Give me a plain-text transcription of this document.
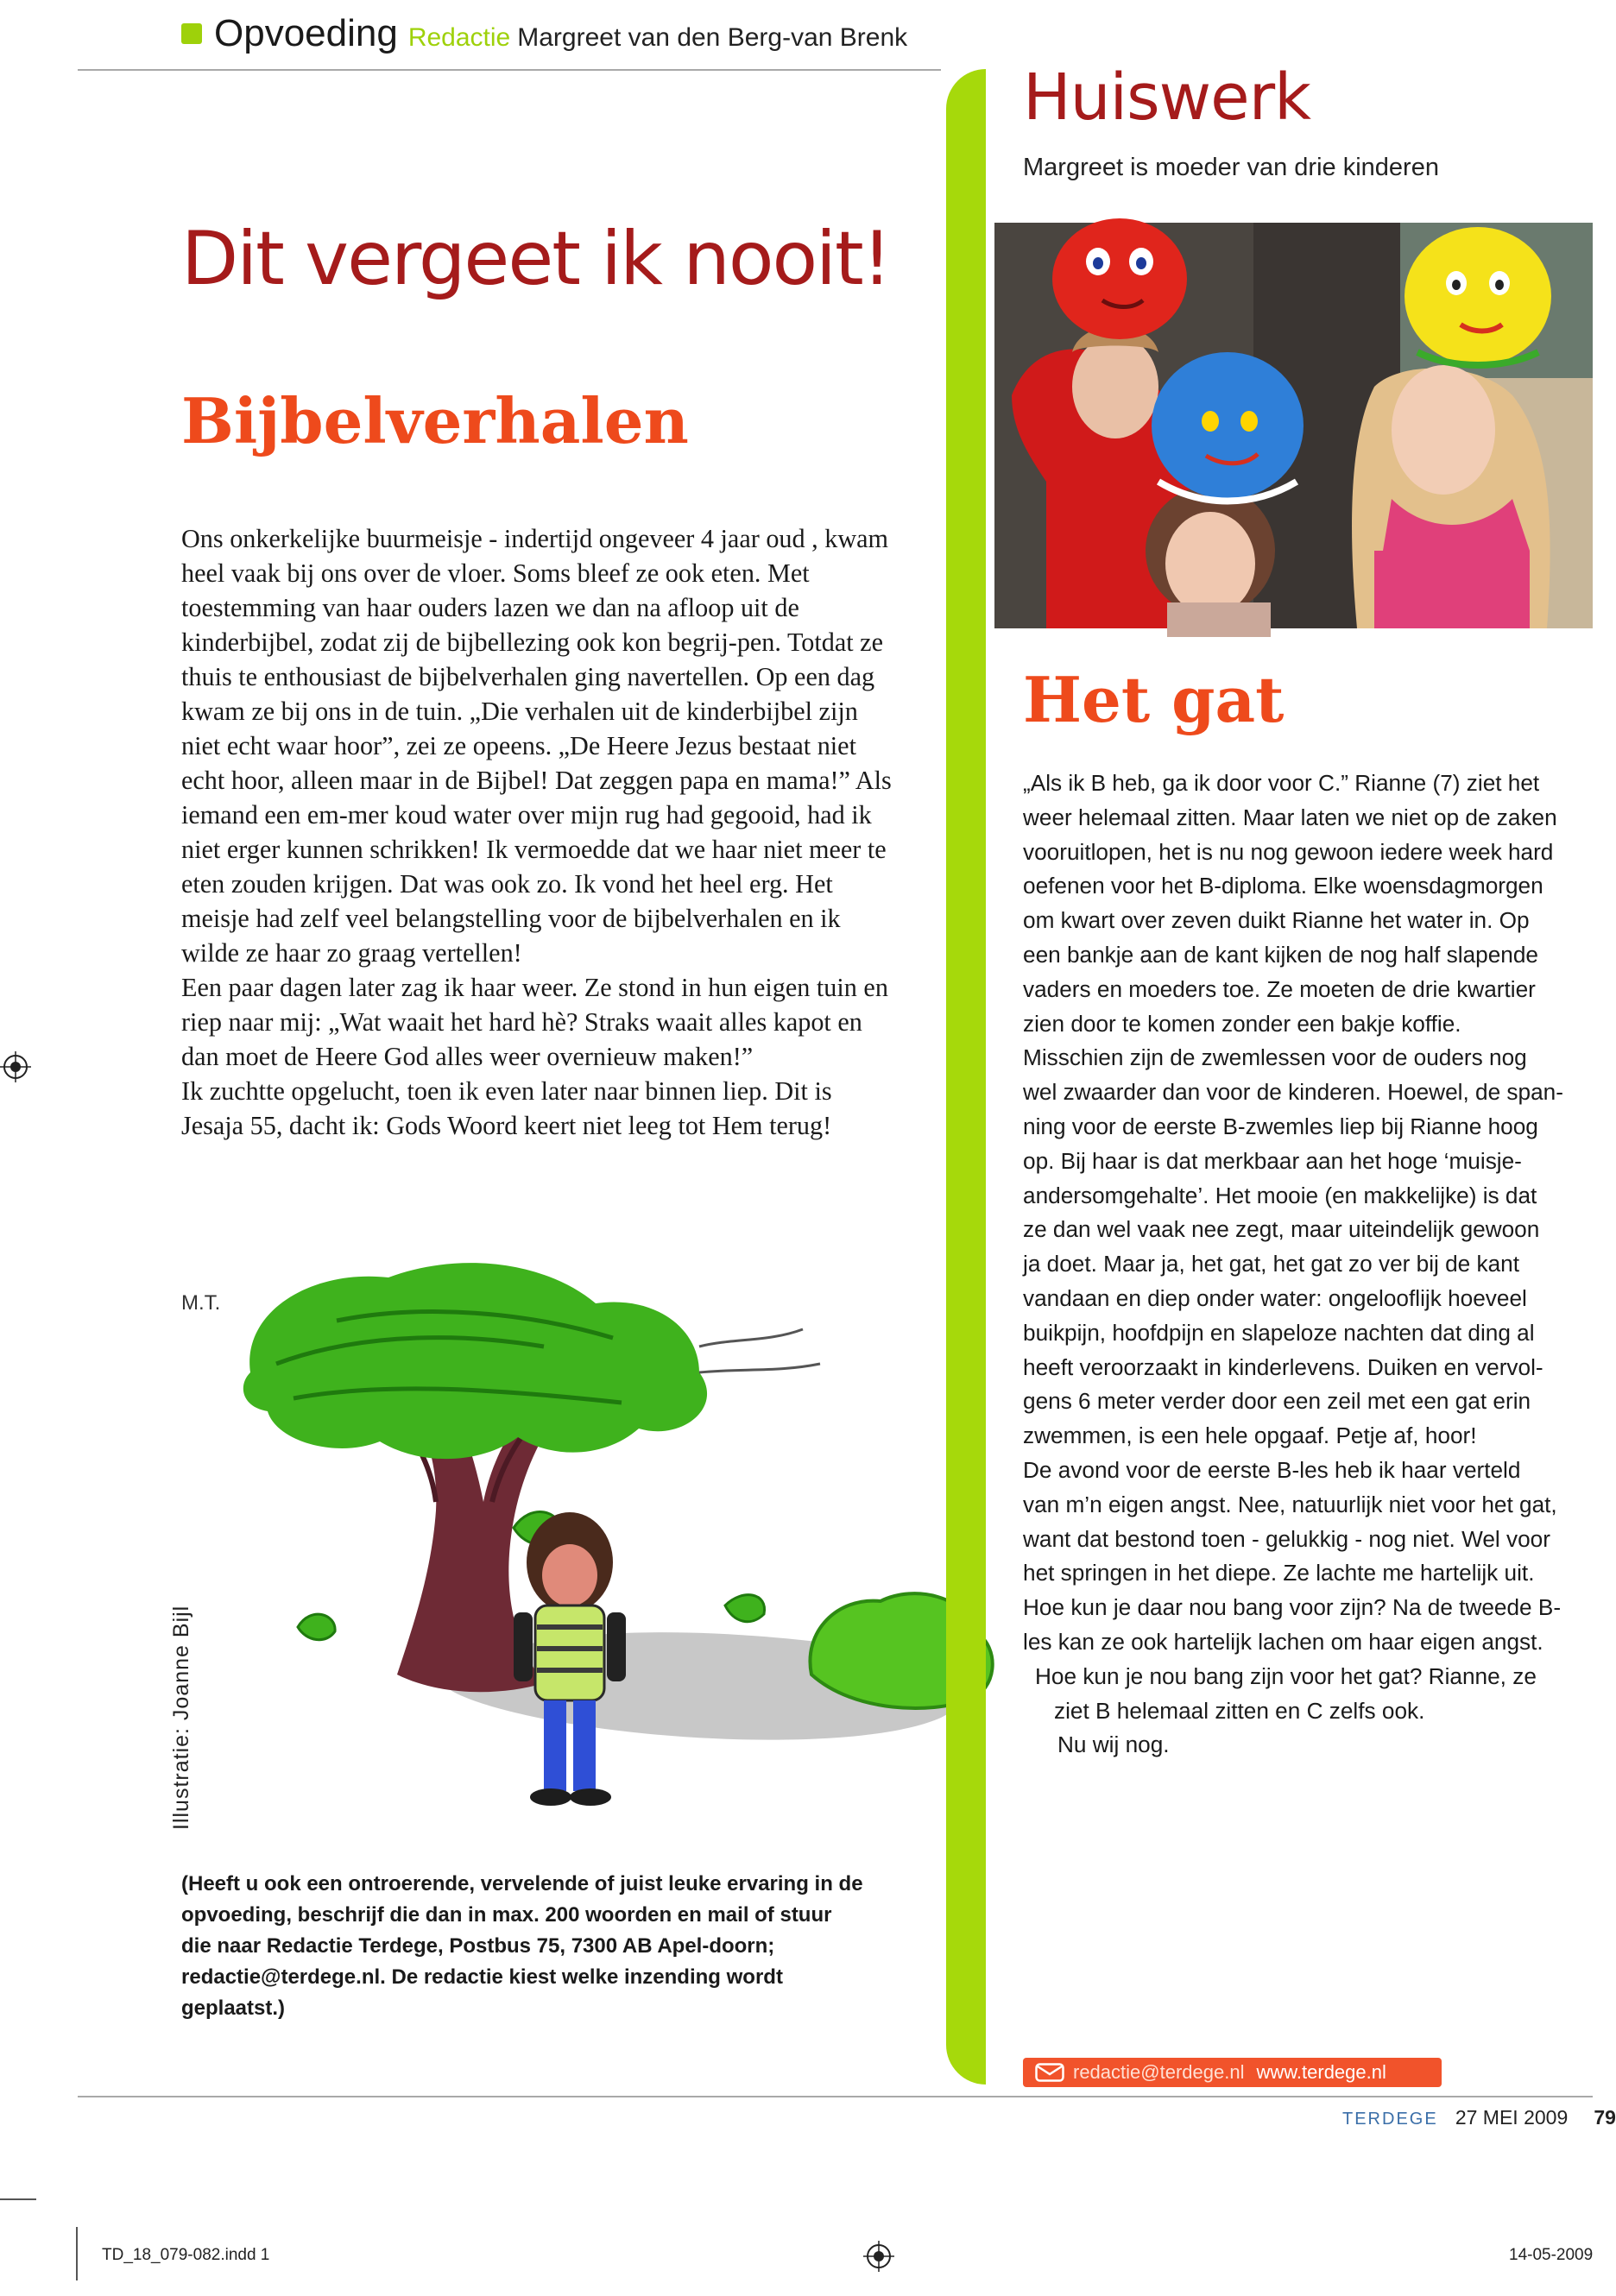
Opvoeding Redactie Margreet van den Berg-van Brenk
Dit vergeet ik nooit!
Bijbelverhalen

Ons onkerkelijke buurmeisje - indertijd ongeveer 4 jaar oud , kwam heel vaak bij ons over de vloer. Soms bleef ze ook eten. Met toestemming van haar ouders lazen we dan na afloop uit de kinderbijbel, zodat zij de bijbellezing ook kon begrij-pen. Totdat ze thuis te enthousiast de bijbelverhalen ging navertellen. Op een dag kwam ze bij ons in de tuin. „Die verhalen uit de kinderbijbel zijn niet echt waar hoor”, zei ze opeens. „De Heere Jezus bestaat niet echt hoor, alleen maar in de Bijbel! Dat zeggen papa en mama!” Als iemand een em-mer koud water over mijn rug had gegooid, had ik niet erger kunnen schrikken! Ik vermoedde dat we haar niet meer te eten zouden krijgen. Dat was ook zo. Ik vond het heel erg. Het meisje had zelf veel belangstelling voor de bijbelverhalen en ik wilde ze haar zo graag vertellen!

Een paar dagen later zag ik haar weer. Ze stond in hun eigen tuin en riep naar mij: „Wat waait het hard hè? Straks waait alles kapot en dan moet de Heere God alles weer overnieuw maken!”

Ik zuchtte opgelucht, toen ik even later naar binnen liep. Dit is Jesaja 55, dacht ik: Gods Woord keert niet leeg tot Hem terug!

M.T.
Illustratie: Joanne Bijl
(Heeft u ook een ontroerende, vervelende of juist leuke ervaring in de opvoeding, beschrijf die dan in max. 200 woorden en mail of stuur die naar Redactie Terdege, Postbus 75, 7300 AB Apel-doorn; redactie@terdege.nl. De redactie kiest welke inzending wordt geplaatst.)
Huiswerk
Margreet is moeder van drie kinderen
Het gat
„Als ik B heb, ga ik door voor C.” Rianne (7) ziet het
weer helemaal zitten. Maar laten we niet op de zaken
vooruitlopen, het is nu nog gewoon iedere week hard
oefenen voor het B-diploma. Elke woensdagmorgen
om kwart over zeven duikt Rianne het water in. Op
een bankje aan de kant kijken de nog half slapende
vaders en moeders toe. Ze moeten de drie kwartier
zien door te komen zonder een bakje koffie.
Misschien zijn de zwemlessen voor de ouders nog
wel zwaarder dan voor de kinderen. Hoewel, de span-
ning voor de eerste B-zwemles liep bij Rianne hoog
op. Bij haar is dat merkbaar aan het hoge ‘muisje-
andersomgehalte’. Het mooie (en makkelijke) is dat
ze dan wel vaak nee zegt, maar uiteindelijk gewoon
ja doet. Maar ja, het gat, het gat zo ver bij de kant
vandaan en diep onder water: ongelooflijk hoeveel
buikpijn, hoofdpijn en slapeloze nachten dat ding al
heeft veroorzaakt in kinderlevens. Duiken en vervol-
gens 6 meter verder door een zeil met een gat erin
zwemmen, is een hele opgaaf. Petje af, hoor!
De avond voor de eerste B-les heb ik haar verteld
van m’n eigen angst. Nee, natuurlijk niet voor het gat,
want dat bestond toen - gelukkig - nog niet. Wel voor
het springen in het diepe. Ze lachte me hartelijk uit.
Hoe kun je daar nou bang voor zijn? Na de tweede B-
les kan ze ook hartelijk lachen om haar eigen angst.
Hoe kun je nou bang zijn voor het gat? Rianne, ze
ziet B helemaal zitten en C zelfs ook.
Nu wij nog.
redactie@terdege.nl www.terdege.nl
TERDEGE 27 MEI 2009 79
TD_18_079-082.indd 1	14-05-2009
